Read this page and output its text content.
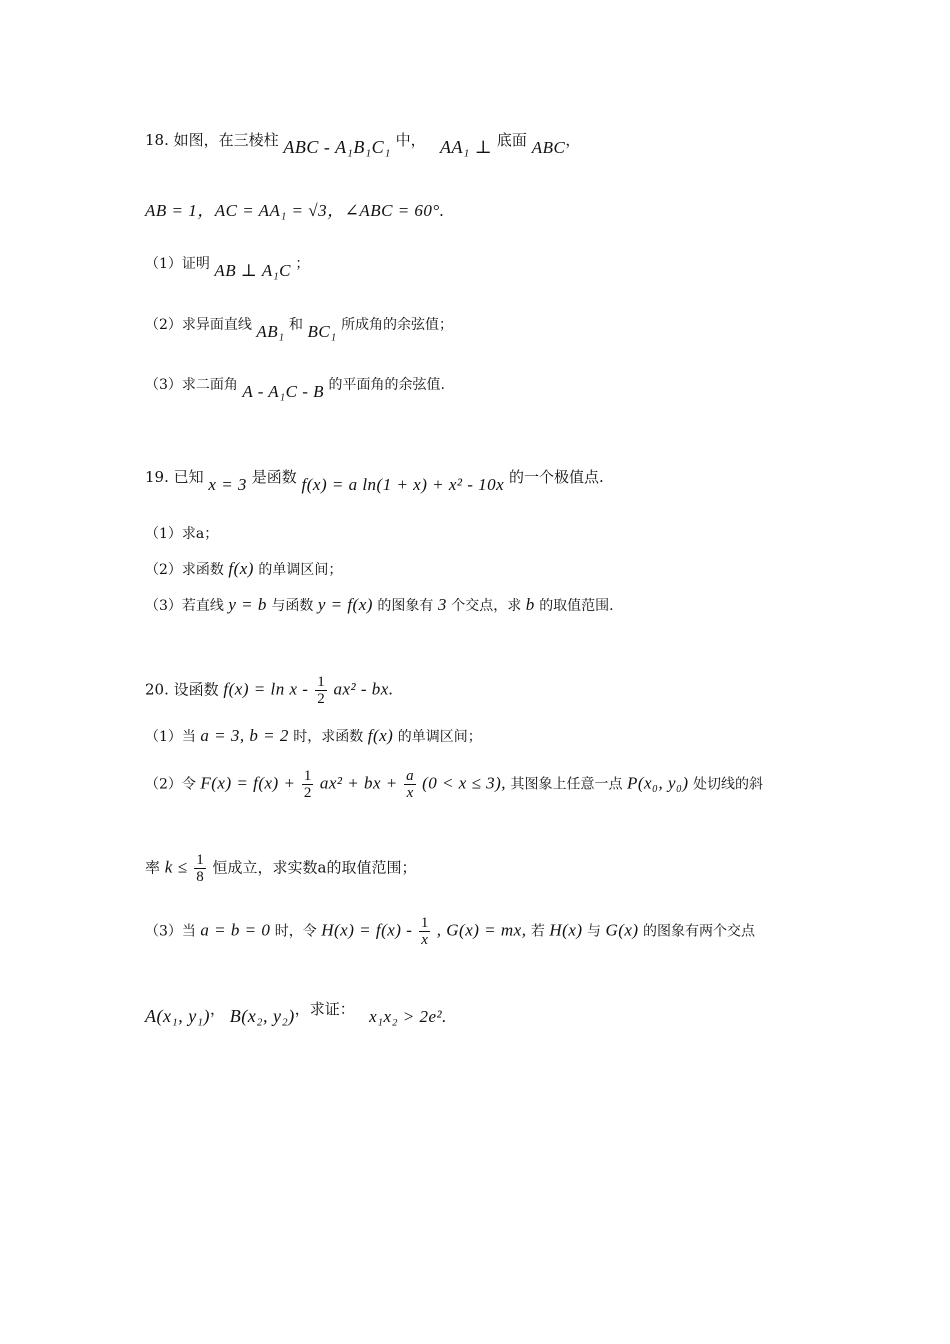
18. 如图，在三棱柱 ABC - A₁B₁C₁ 中， AA₁ ⊥ 底面 ABC，
AB = 1，AC = AA₁ = √3，∠ABC = 60°.
（1）证明 AB ⊥ A₁C ；
（2）求异面直线 AB₁ 和 BC₁ 所成角的余弦值；
（3）求二面角 A - A₁C - B 的平面角的余弦值.
19. 已知 x = 3 是函数 f(x) = a ln(1 + x) + x² - 10x 的一个极值点.
（1）求a；
（2）求函数 f(x) 的单调区间；
（3）若直线 y = b 与函数 y = f(x) 的图象有 3 个交点，求 b 的取值范围.
20. 设函数 $f(x) = \ln x - \frac{1}{2} ax^2$ - bx.
（1）当 a = 3, b = 2 时，求函数 f(x) 的单调区间；
（2）令 $F(x) = f(x) + \frac{1}{2} ax^2$ + bx + $\frac{a}{x} (0 < x \le 3)$, 其图象上任意一点 P(x₀, y₀) 处切线的斜
率 $k \le \frac{1}{8}$ 恒成立，求实数a的取值范围；
（3）当 a = b = 0 时，令 $H(x) = f(x) - \frac{1}{x}$ , G(x) = mx, 若 H(x) 与 G(x) 的图象有两个交点
A(x₁, y₁)， B(x₂, y₂)，求证： x₁x₂ > 2e².
